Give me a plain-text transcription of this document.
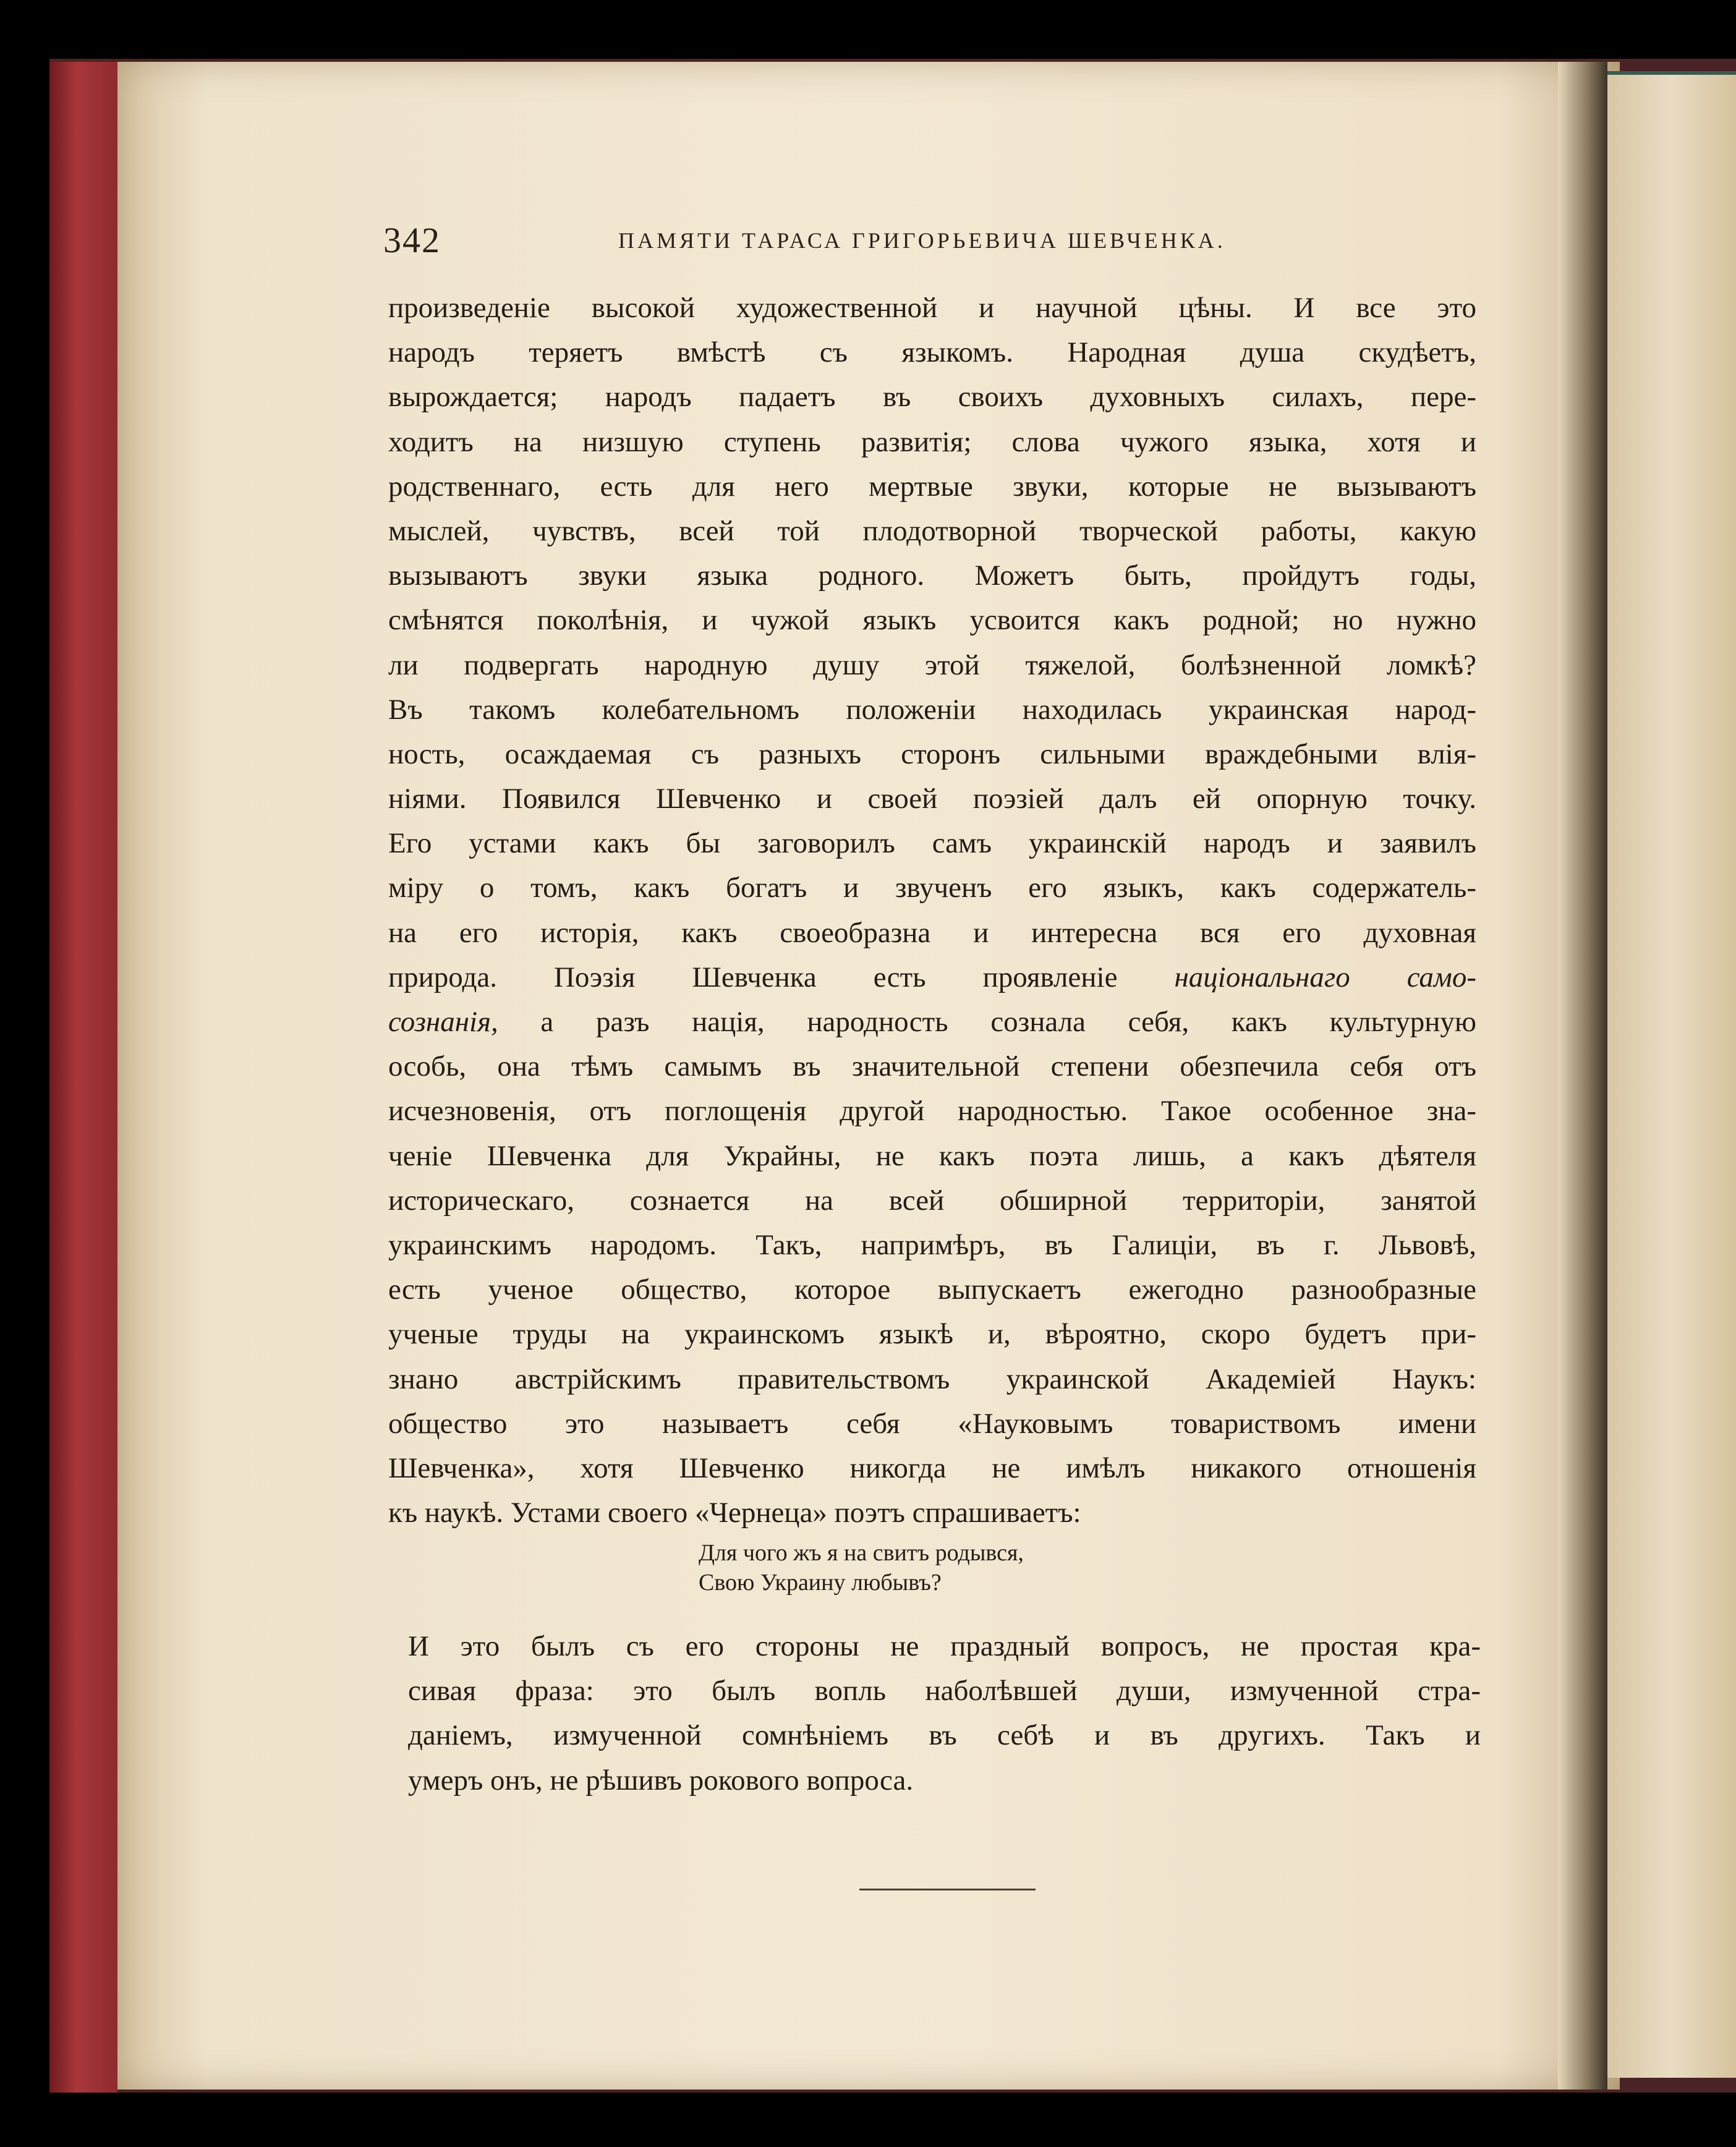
342	ПАМЯТИ ТАРАСА ГРИГОРЬЕВИЧА ШЕВЧЕНКА.
произведеніе высокой художественной и научной цѣны. И все это
народъ теряетъ вмѣстѣ съ языкомъ. Народная душа скудѣетъ,
вырождается; народъ падаетъ въ своихъ духовныхъ силахъ, пере-
ходитъ на низшую ступень развитія; слова чужого языка, хотя и
родственнаго, есть для него мертвые звуки, которые не вызываютъ
мыслей, чувствъ, всей той плодотворной творческой работы, какую
вызываютъ звуки языка родного. Можетъ быть, пройдутъ годы,
смѣнятся поколѣнія, и чужой языкъ усвоится какъ родной; но нужно
ли подвергать народную душу этой тяжелой, болѣзненной ломкѣ?
Въ такомъ колебательномъ положеніи находилась украинская народ-
ность, осаждаемая съ разныхъ сторонъ сильными враждебными влія-
ніями. Появился Шевченко и своей поэзіей далъ ей опорную точку.
Его устами какъ бы заговорилъ самъ украинскій народъ и заявилъ
міру о томъ, какъ богатъ и звученъ его языкъ, какъ содержатель-
на его исторія, какъ своеобразна и интересна вся его духовная
природа. Поэзія Шевченка есть проявленіе національнаго само-
сознанія, а разъ нація, народность сознала себя, какъ культурную
особь, она тѣмъ самымъ въ значительной степени обезпечила себя отъ
исчезновенія, отъ поглощенія другой народностью. Такое особенное зна-
ченіе Шевченка для Украйны, не какъ поэта лишь, а какъ дѣятеля
историческаго, сознается на всей обширной территоріи, занятой
украинскимъ народомъ. Такъ, напримѣръ, въ Галиціи, въ г. Львовѣ,
есть ученое общество, которое выпускаетъ ежегодно разнообразные
ученые труды на украинскомъ языкѣ и, вѣроятно, скоро будетъ при-
знано австрійскимъ правительствомъ украинской Академіей Наукъ:
общество это называетъ себя «Науковымъ товариствомъ имени
Шевченка», хотя Шевченко никогда не имѣлъ никакого отношенія
къ наукѣ. Устами своего «Чернеца» поэтъ спрашиваетъ:
Для чого жъ я на свитъ родывся,
Свою Украину любывъ?
И это былъ съ его стороны не праздный вопросъ, не простая кра-
сивая фраза: это былъ вопль наболѣвшей души, измученной стра-
даніемъ, измученной сомнѣніемъ въ себѣ и въ другихъ. Такъ и
умеръ онъ, не рѣшивъ рокового вопроса.
